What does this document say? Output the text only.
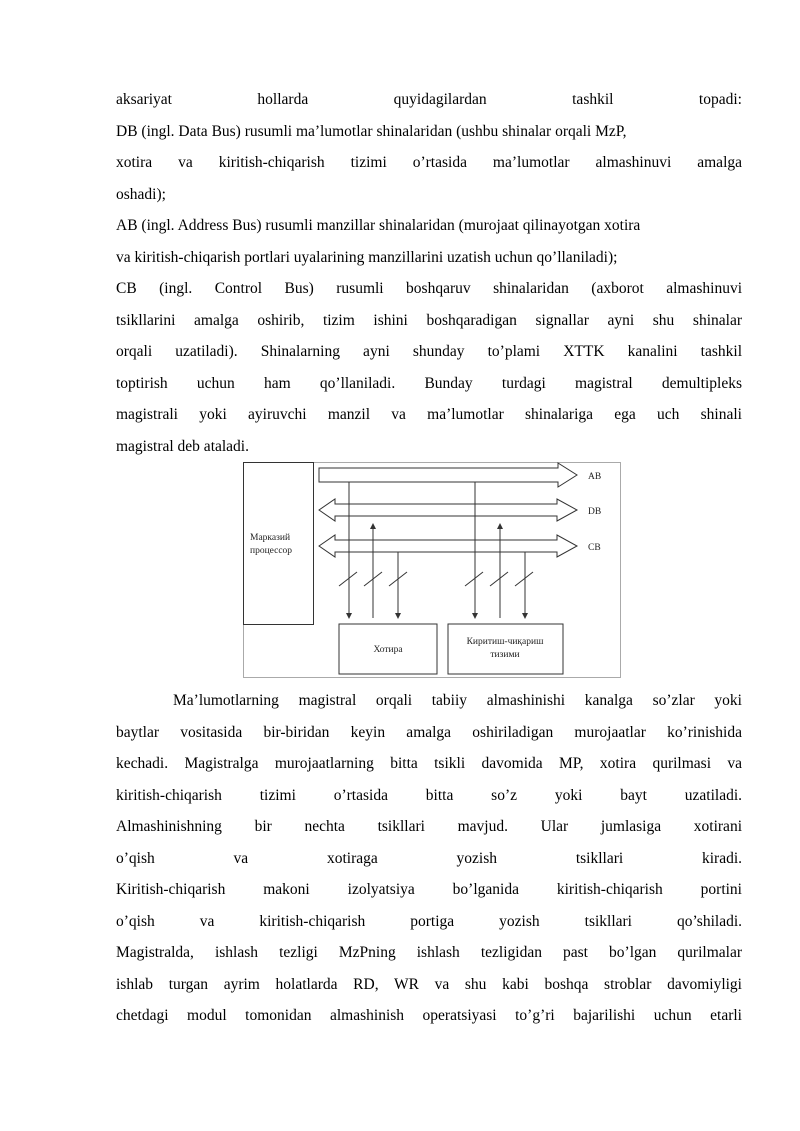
aksariyat hollarda quyidagilardan tashkil topadi:
DB (ingl. Data Bus) rusumli ma’lumotlar shinalaridan (ushbu shinalar orqali MzP,
xotira va kiritish-chiqarish tizimi o’rtasida ma’lumotlar almashinuvi amalga
oshadi);
AB (ingl. Address Bus) rusumli manzillar shinalaridan (murojaat qilinayotgan xotira
va kiritish-chiqarish portlari uyalarining manzillarini uzatish uchun qo’llaniladi);
CB (ingl. Control Bus) rusumli boshqaruv shinalaridan (axborot almashinuvi
tsikllarini amalga oshirib, tizim ishini boshqaradigan signallar ayni shu shinalar
orqali uzatiladi). Shinalarning ayni shunday to’plami XTTK kanalini tashkil
toptirish uchun ham qo’llaniladi. Bunday turdagi magistral demultipleks
magistrali yoki ayiruvchi manzil va ma’lumotlar shinalariga ega uch shinali
magistral deb ataladi.
Марказий
процессор
AB
DB
CB
Хотира
Киритиш-чиқариш
тизими
Ma’lumotlarning magistral orqali tabiiy almashinishi kanalga so’zlar yoki
baytlar vositasida bir-biridan keyin amalga oshiriladigan murojaatlar ko’rinishida
kechadi. Magistralga murojaatlarning bitta tsikli davomida MP, xotira qurilmasi va
kiritish-chiqarish tizimi o’rtasida bitta so’z yoki bayt uzatiladi.
Almashinishning bir nechta tsikllari mavjud. Ular jumlasiga xotirani
o’qish va xotiraga yozish tsikllari kiradi.
Kiritish-chiqarish makoni izolyatsiya bo’lganida kiritish-chiqarish portini
o’qish va kiritish-chiqarish portiga yozish tsikllari qo’shiladi.
Magistralda, ishlash tezligi MzPning ishlash tezligidan past bo’lgan qurilmalar
ishlab turgan ayrim holatlarda RD, WR va shu kabi boshqa stroblar davomiyligi
chetdagi modul tomonidan almashinish operatsiyasi to’g’ri bajarilishi uchun etarli
